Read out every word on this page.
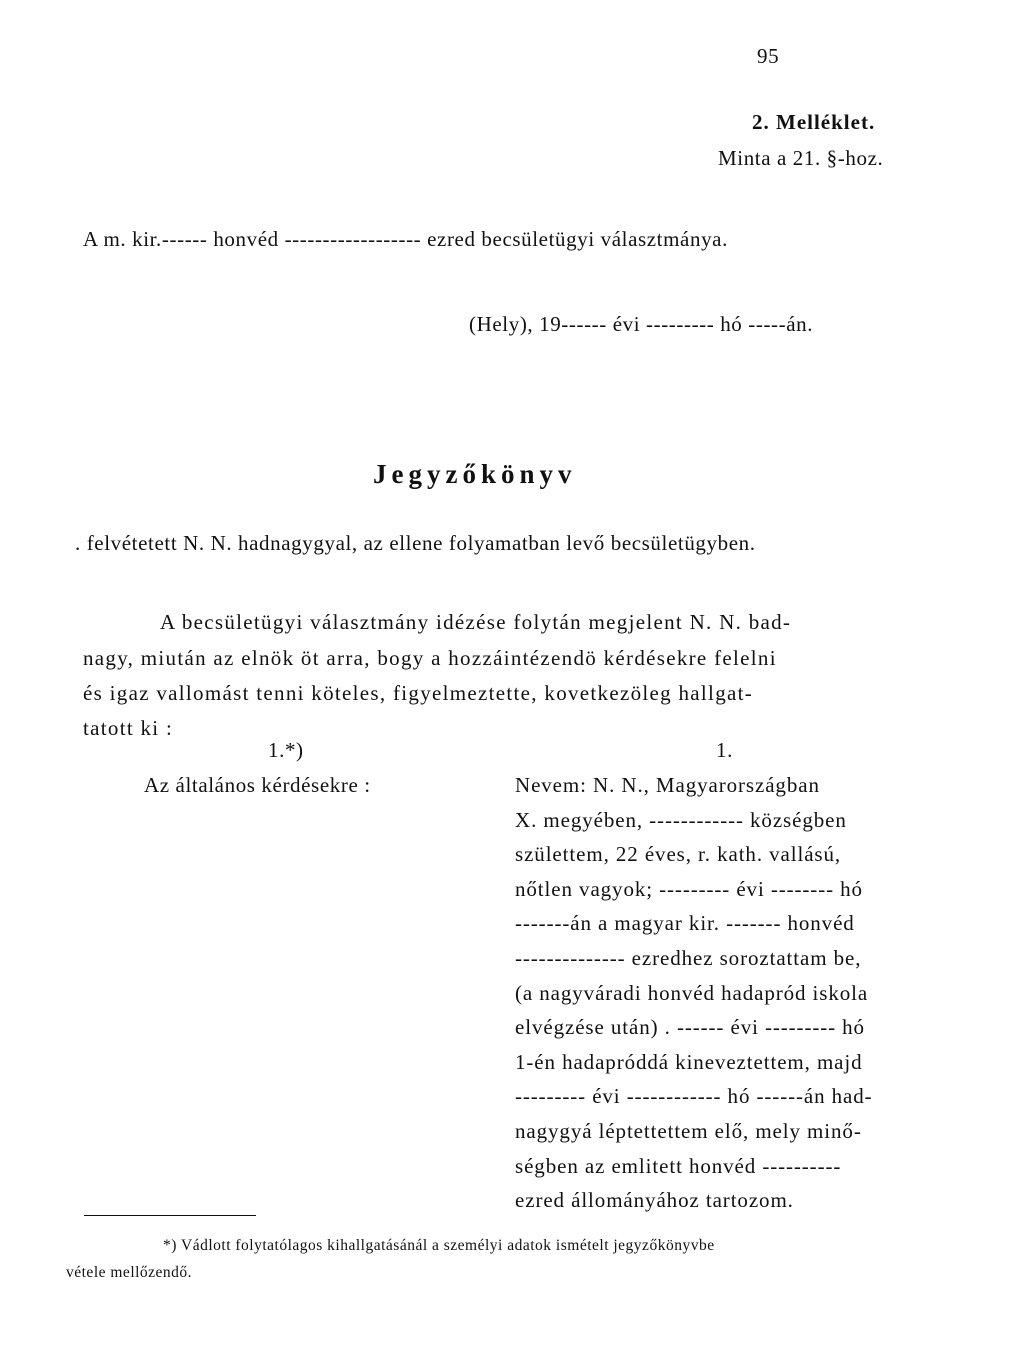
95
2. Melléklet.
Minta a 21. §-hoz.
A m. kir.------ honvéd ------------------ ezred becsületügyi választmánya.
(Hely), 19------ évi --------- hó -----án.
Jegyzőkönyv
. felvétetett N. N. hadnagygyal, az ellene folyamatban levő becsületügyben.
A becsületügyi választmány idézése folytán megjelent N. N. bad-
nagy, miután az elnök öt arra, bogy a hozzáintézendö kérdésekre felelni
és igaz vallomást tenni köteles, figyelmeztette, kovetkezöleg hallgat-
tatott ki :
1.*)
Az általános kérdésekre :
1.
Nevem: N. N., Magyarországban
X. megyében, ------------ községben
születtem, 22 éves, r. kath. vallású,
nőtlen vagyok; --------- évi -------- hó
-------án a magyar kir. ------- honvéd
-------------- ezredhez soroztattam be,
(a nagyváradi honvéd hadapród iskola
elvégzése után) . ------ évi --------- hó
1-én hadapróddá kineveztettem, majd
--------- évi ------------ hó ------án had-
nagygyá léptettettem elő, mely minő-
ségben az emlitett honvéd ----------
ezred állományához tartozom.
*) Vádlott folytatólagos kihallgatásánál a személyi adatok ismételt jegyzőkönyvbe
vétele mellőzendő.
